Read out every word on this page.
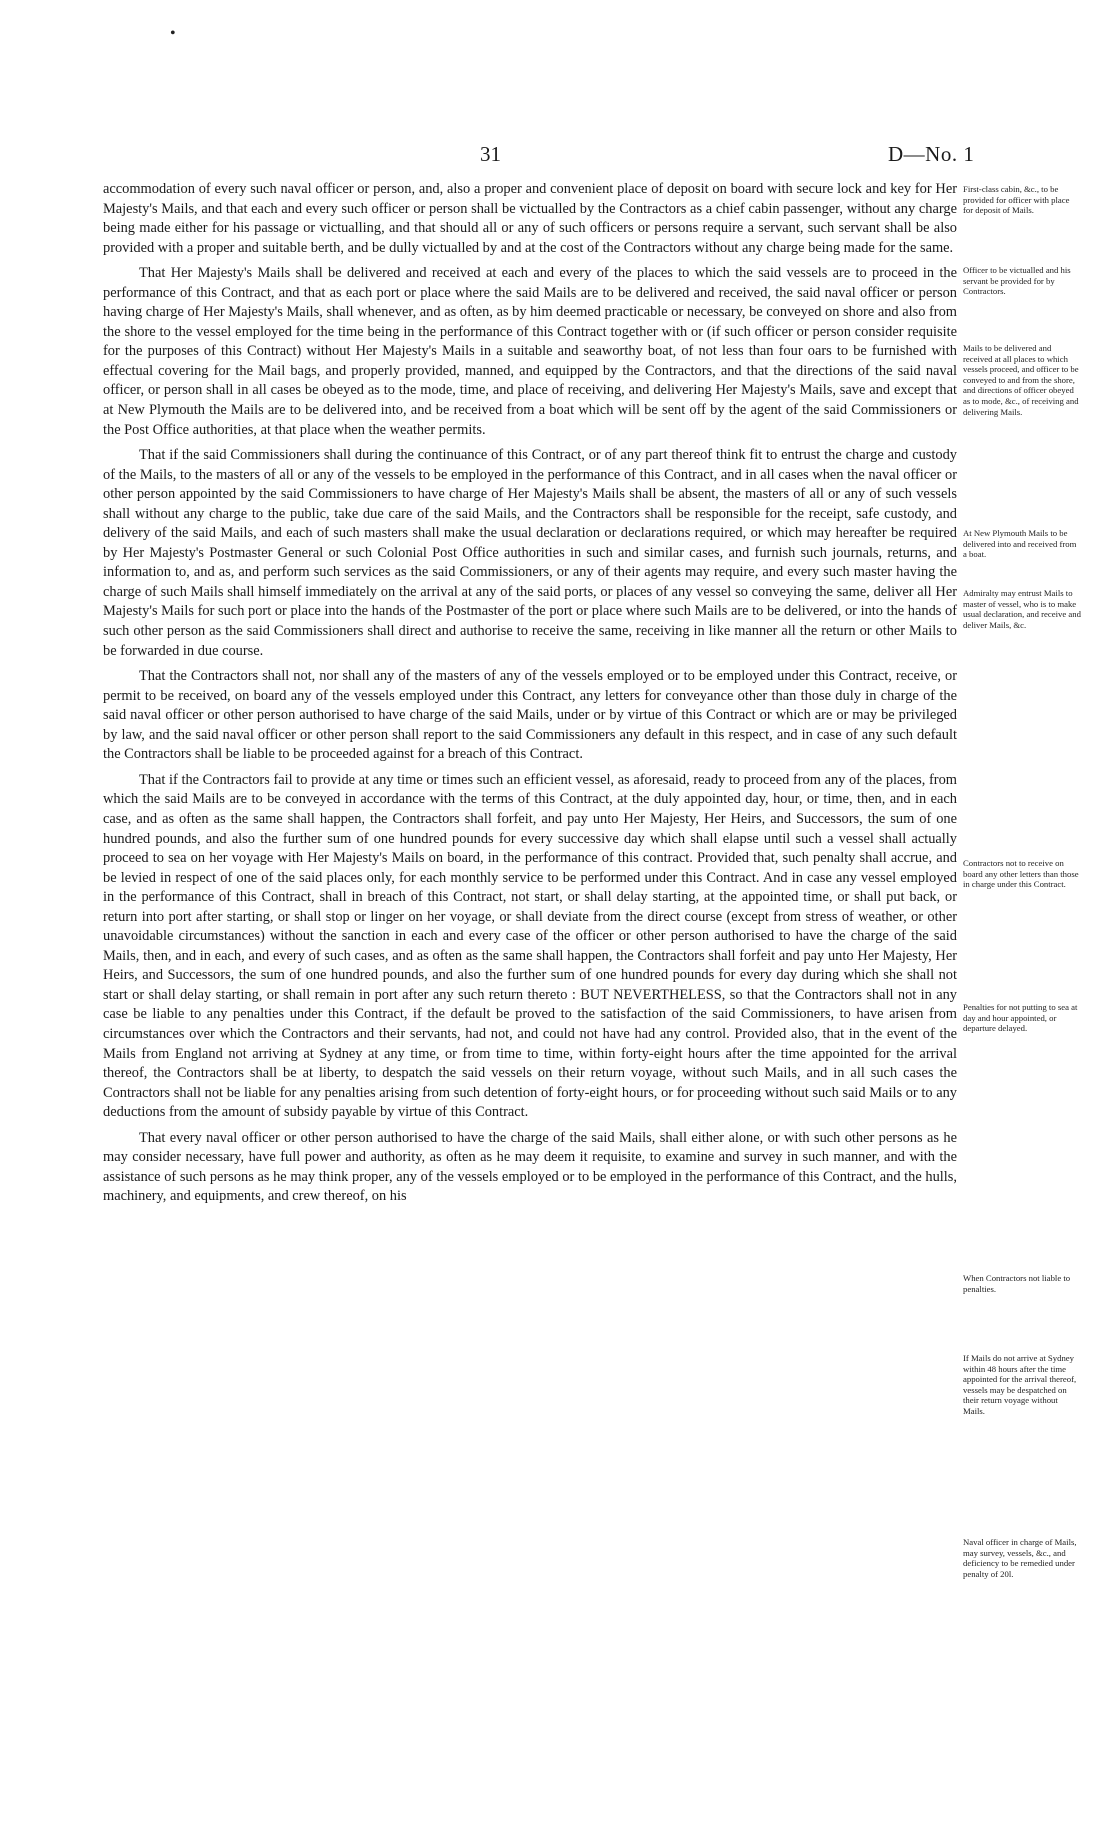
•
31	D—No. 1

accommodation of every such naval officer or person, and, also a proper and convenient place of deposit on board with secure lock and key for Her Majesty's Mails, and that each and every such officer or person shall be victualled by the Contractors as a chief cabin passenger, without any charge being made either for his passage or victualling, and that should all or any of such officers or persons require a servant, such servant shall be also provided with a proper and suitable berth, and be dully victualled by and at the cost of the Contractors without any charge being made for the same.

That Her Majesty's Mails shall be delivered and received at each and every of the places to which the said vessels are to proceed in the performance of this Contract, and that as each port or place where the said Mails are to be delivered and received, the said naval officer or person having charge of Her Majesty's Mails, shall whenever, and as often, as by him deemed practicable or necessary, be conveyed on shore and also from the shore to the vessel employed for the time being in the performance of this Contract together with or (if such officer or person consider requisite for the purposes of this Contract) without Her Majesty's Mails in a suitable and seaworthy boat, of not less than four oars to be furnished with effectual covering for the Mail bags, and properly provided, manned, and equipped by the Contractors, and that the directions of the said naval officer, or person shall in all cases be obeyed as to the mode, time, and place of receiving, and delivering Her Majesty's Mails, save and except that at New Plymouth the Mails are to be delivered into, and be received from a boat which will be sent off by the agent of the said Commissioners or the Post Office authorities, at that place when the weather permits.

That if the said Commissioners shall during the continuance of this Contract, or of any part thereof think fit to entrust the charge and custody of the Mails, to the masters of all or any of the vessels to be employed in the performance of this Contract, and in all cases when the naval officer or other person appointed by the said Commissioners to have charge of Her Majesty's Mails shall be absent, the masters of all or any of such vessels shall without any charge to the public, take due care of the said Mails, and the Contractors shall be responsible for the receipt, safe custody, and delivery of the said Mails, and each of such masters shall make the usual declaration or declarations required, or which may hereafter be required by Her Majesty's Postmaster General or such Colonial Post Office authorities in such and similar cases, and furnish such journals, returns, and information to, and as, and perform such services as the said Commissioners, or any of their agents may require, and every such master having the charge of such Mails shall himself immediately on the arrival at any of the said ports, or places of any vessel so conveying the same, deliver all Her Majesty's Mails for such port or place into the hands of the Postmaster of the port or place where such Mails are to be delivered, or into the hands of such other person as the said Commissioners shall direct and authorise to receive the same, receiving in like manner all the return or other Mails to be forwarded in due course.

That the Contractors shall not, nor shall any of the masters of any of the vessels employed or to be employed under this Contract, receive, or permit to be received, on board any of the vessels employed under this Contract, any letters for conveyance other than those duly in charge of the said naval officer or other person authorised to have charge of the said Mails, under or by virtue of this Contract or which are or may be privileged by law, and the said naval officer or other person shall report to the said Commissioners any default in this respect, and in case of any such default the Contractors shall be liable to be proceeded against for a breach of this Contract.

That if the Contractors fail to provide at any time or times such an efficient vessel, as aforesaid, ready to proceed from any of the places, from which the said Mails are to be conveyed in accordance with the terms of this Contract, at the duly appointed day, hour, or time, then, and in each case, and as often as the same shall happen, the Contractors shall forfeit, and pay unto Her Majesty, Her Heirs, and Successors, the sum of one hundred pounds, and also the further sum of one hundred pounds for every successive day which shall elapse until such a vessel shall actually proceed to sea on her voyage with Her Majesty's Mails on board, in the performance of this contract. Provided that, such penalty shall accrue, and be levied in respect of one of the said places only, for each monthly service to be performed under this Contract. And in case any vessel employed in the performance of this Contract, shall in breach of this Contract, not start, or shall delay starting, at the appointed time, or shall put back, or return into port after starting, or shall stop or linger on her voyage, or shall deviate from the direct course (except from stress of weather, or other unavoidable circumstances) without the sanction in each and every case of the officer or other person authorised to have the charge of the said Mails, then, and in each, and every of such cases, and as often as the same shall happen, the Contractors shall forfeit and pay unto Her Majesty, Her Heirs, and Successors, the sum of one hundred pounds, and also the further sum of one hundred pounds for every day during which she shall not start or shall delay starting, or shall remain in port after any such return thereto : BUT NEVERTHELESS, so that the Contractors shall not in any case be liable to any penalties under this Contract, if the default be proved to the satisfaction of the said Commissioners, to have arisen from circumstances over which the Contractors and their servants, had not, and could not have had any control. Provided also, that in the event of the Mails from England not arriving at Sydney at any time, or from time to time, within forty-eight hours after the time appointed for the arrival thereof, the Contractors shall be at liberty, to despatch the said vessels on their return voyage, without such Mails, and in all such cases the Contractors shall not be liable for any penalties arising from such detention of forty-eight hours, or for proceeding without such said Mails or to any deductions from the amount of subsidy payable by virtue of this Contract.

That every naval officer or other person authorised to have the charge of the said Mails, shall either alone, or with such other persons as he may consider necessary, have full power and authority, as often as he may deem it requisite, to examine and survey in such manner, and with the assistance of such persons as he may think proper, any of the vessels employed or to be employed in the performance of this Contract, and the hulls, machinery, and equipments, and crew thereof, on his

First-class cabin, &c., to be provided for officer with place for deposit of Mails.
Officer to be victualled and his servant be provided for by Contractors.
Mails to be delivered and received at all places to which vessels proceed, and officer to be conveyed to and from the shore, and directions of officer obeyed as to mode, &c., of receiving and delivering Mails.
At New Plymouth Mails to be delivered into and received from a boat.
Admiralty may entrust Mails to master of vessel, who is to make usual declaration, and receive and deliver Mails, &c.
Contractors not to receive on board any other letters than those in charge under this Contract.
Penalties for not putting to sea at day and hour appointed, or departure delayed.
When Contractors not liable to penalties.
If Mails do not arrive at Sydney within 48 hours after the time appointed for the arrival thereof, vessels may be despatched on their return voyage without Mails.
Naval officer in charge of Mails, may survey, vessels, &c., and deficiency to be remedied under penalty of 20l.
